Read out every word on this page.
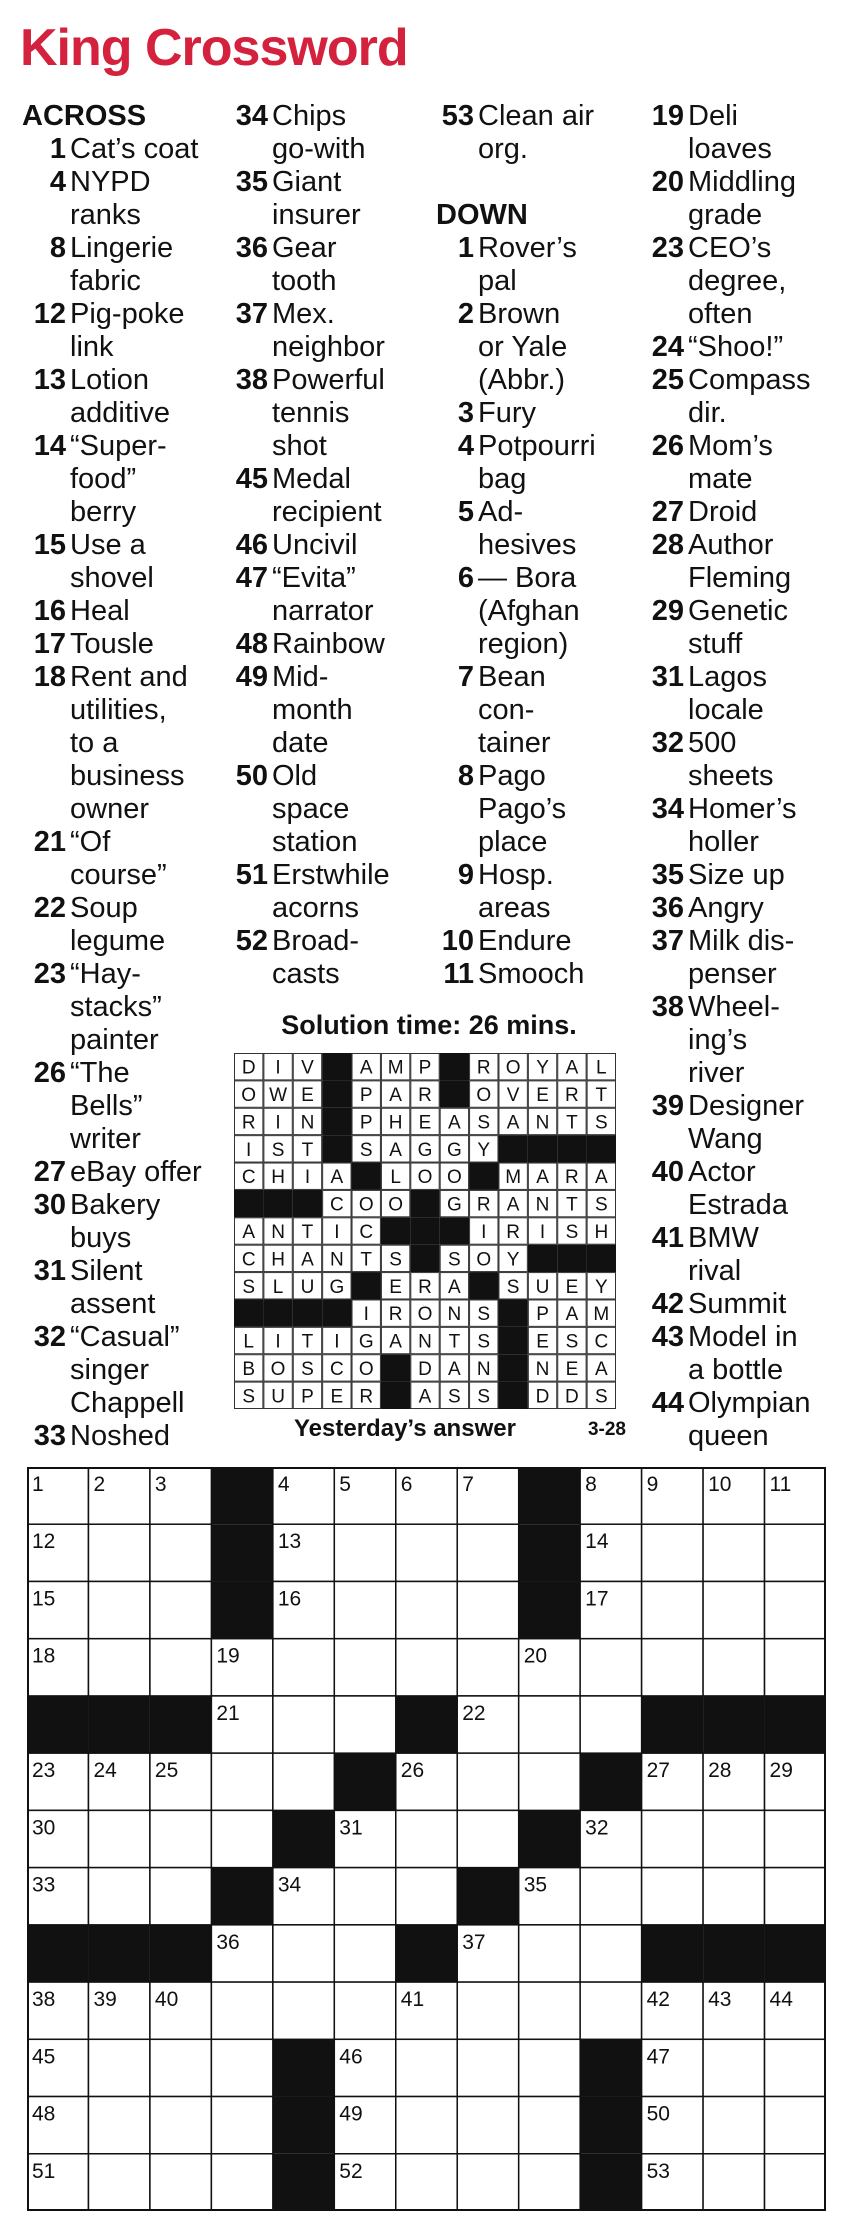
King Crossword
ACROSS
1 Cat’s coat
4 NYPD
ranks
8 Lingerie
fabric
12 Pig-poke
link
13 Lotion
additive
14 “Super-
food”
berry
15 Use a
shovel
16 Heal
17 Tousle
18 Rent and
utilities,
to a
business
owner
21 “Of
course”
22 Soup
legume
23 “Hay-
stacks”
painter
26 “The
Bells”
writer
27 eBay offer
30 Bakery
buys
31 Silent
assent
32 “Casual”
singer
Chappell
33 Noshed
34 Chips
go-with
35 Giant
insurer
36 Gear
tooth
37 Mex.
neighbor
38 Powerful
tennis
shot
45 Medal
recipient
46 Uncivil
47 “Evita”
narrator
48 Rainbow
49 Mid-
month
date
50 Old
space
station
51 Erstwhile
acorns
52 Broad-
casts
53 Clean air
org.
DOWN
1 Rover’s
pal
2 Brown
or Yale
(Abbr.)
3 Fury
4 Potpourri
bag
5 Ad-
hesives
6 — Bora
(Afghan
region)
7 Bean
con-
tainer
8 Pago
Pago’s
place
9 Hosp.
areas
10 Endure
11 Smooch
19 Deli
loaves
20 Middling
grade
23 CEO’s
degree,
often
24 “Shoo!”
25 Compass
dir.
26 Mom’s
mate
27 Droid
28 Author
Fleming
29 Genetic
stuff
31 Lagos
locale
32 500
sheets
34 Homer’s
holler
35 Size up
36 Angry
37 Milk dis-
penser
38 Wheel-
ing’s
river
39 Designer
Wang
40 Actor
Estrada
41 BMW
rival
42 Summit
43 Model in
a bottle
44 Olympian
queen
Solution time: 26 mins.
D I V A M P R O Y A L
O W E P A R O V E R T
R I N P H E A S A N T S
I S T S A G G Y
C H I A L O O M A R A
C O O G R A N T S
A N T I C	I R I S H
C H A N T S S O Y
S L U G E R A S U E Y
I R O N S P A M
L I T I G A N T S E S C
B O S C O D A N N E A
S U P E R A S S D D S
Yesterday’s answer	3-28
1 2 3	4 5 6 7	8 9 10 11
12	13	14
15	16	17
18	19	20
21	22
23 24 25	26	27 28 29
30	31	32
33	34	35
36	37
38 39 40	41	42 43 44
45	46	47
48	49	50
51	52	53
